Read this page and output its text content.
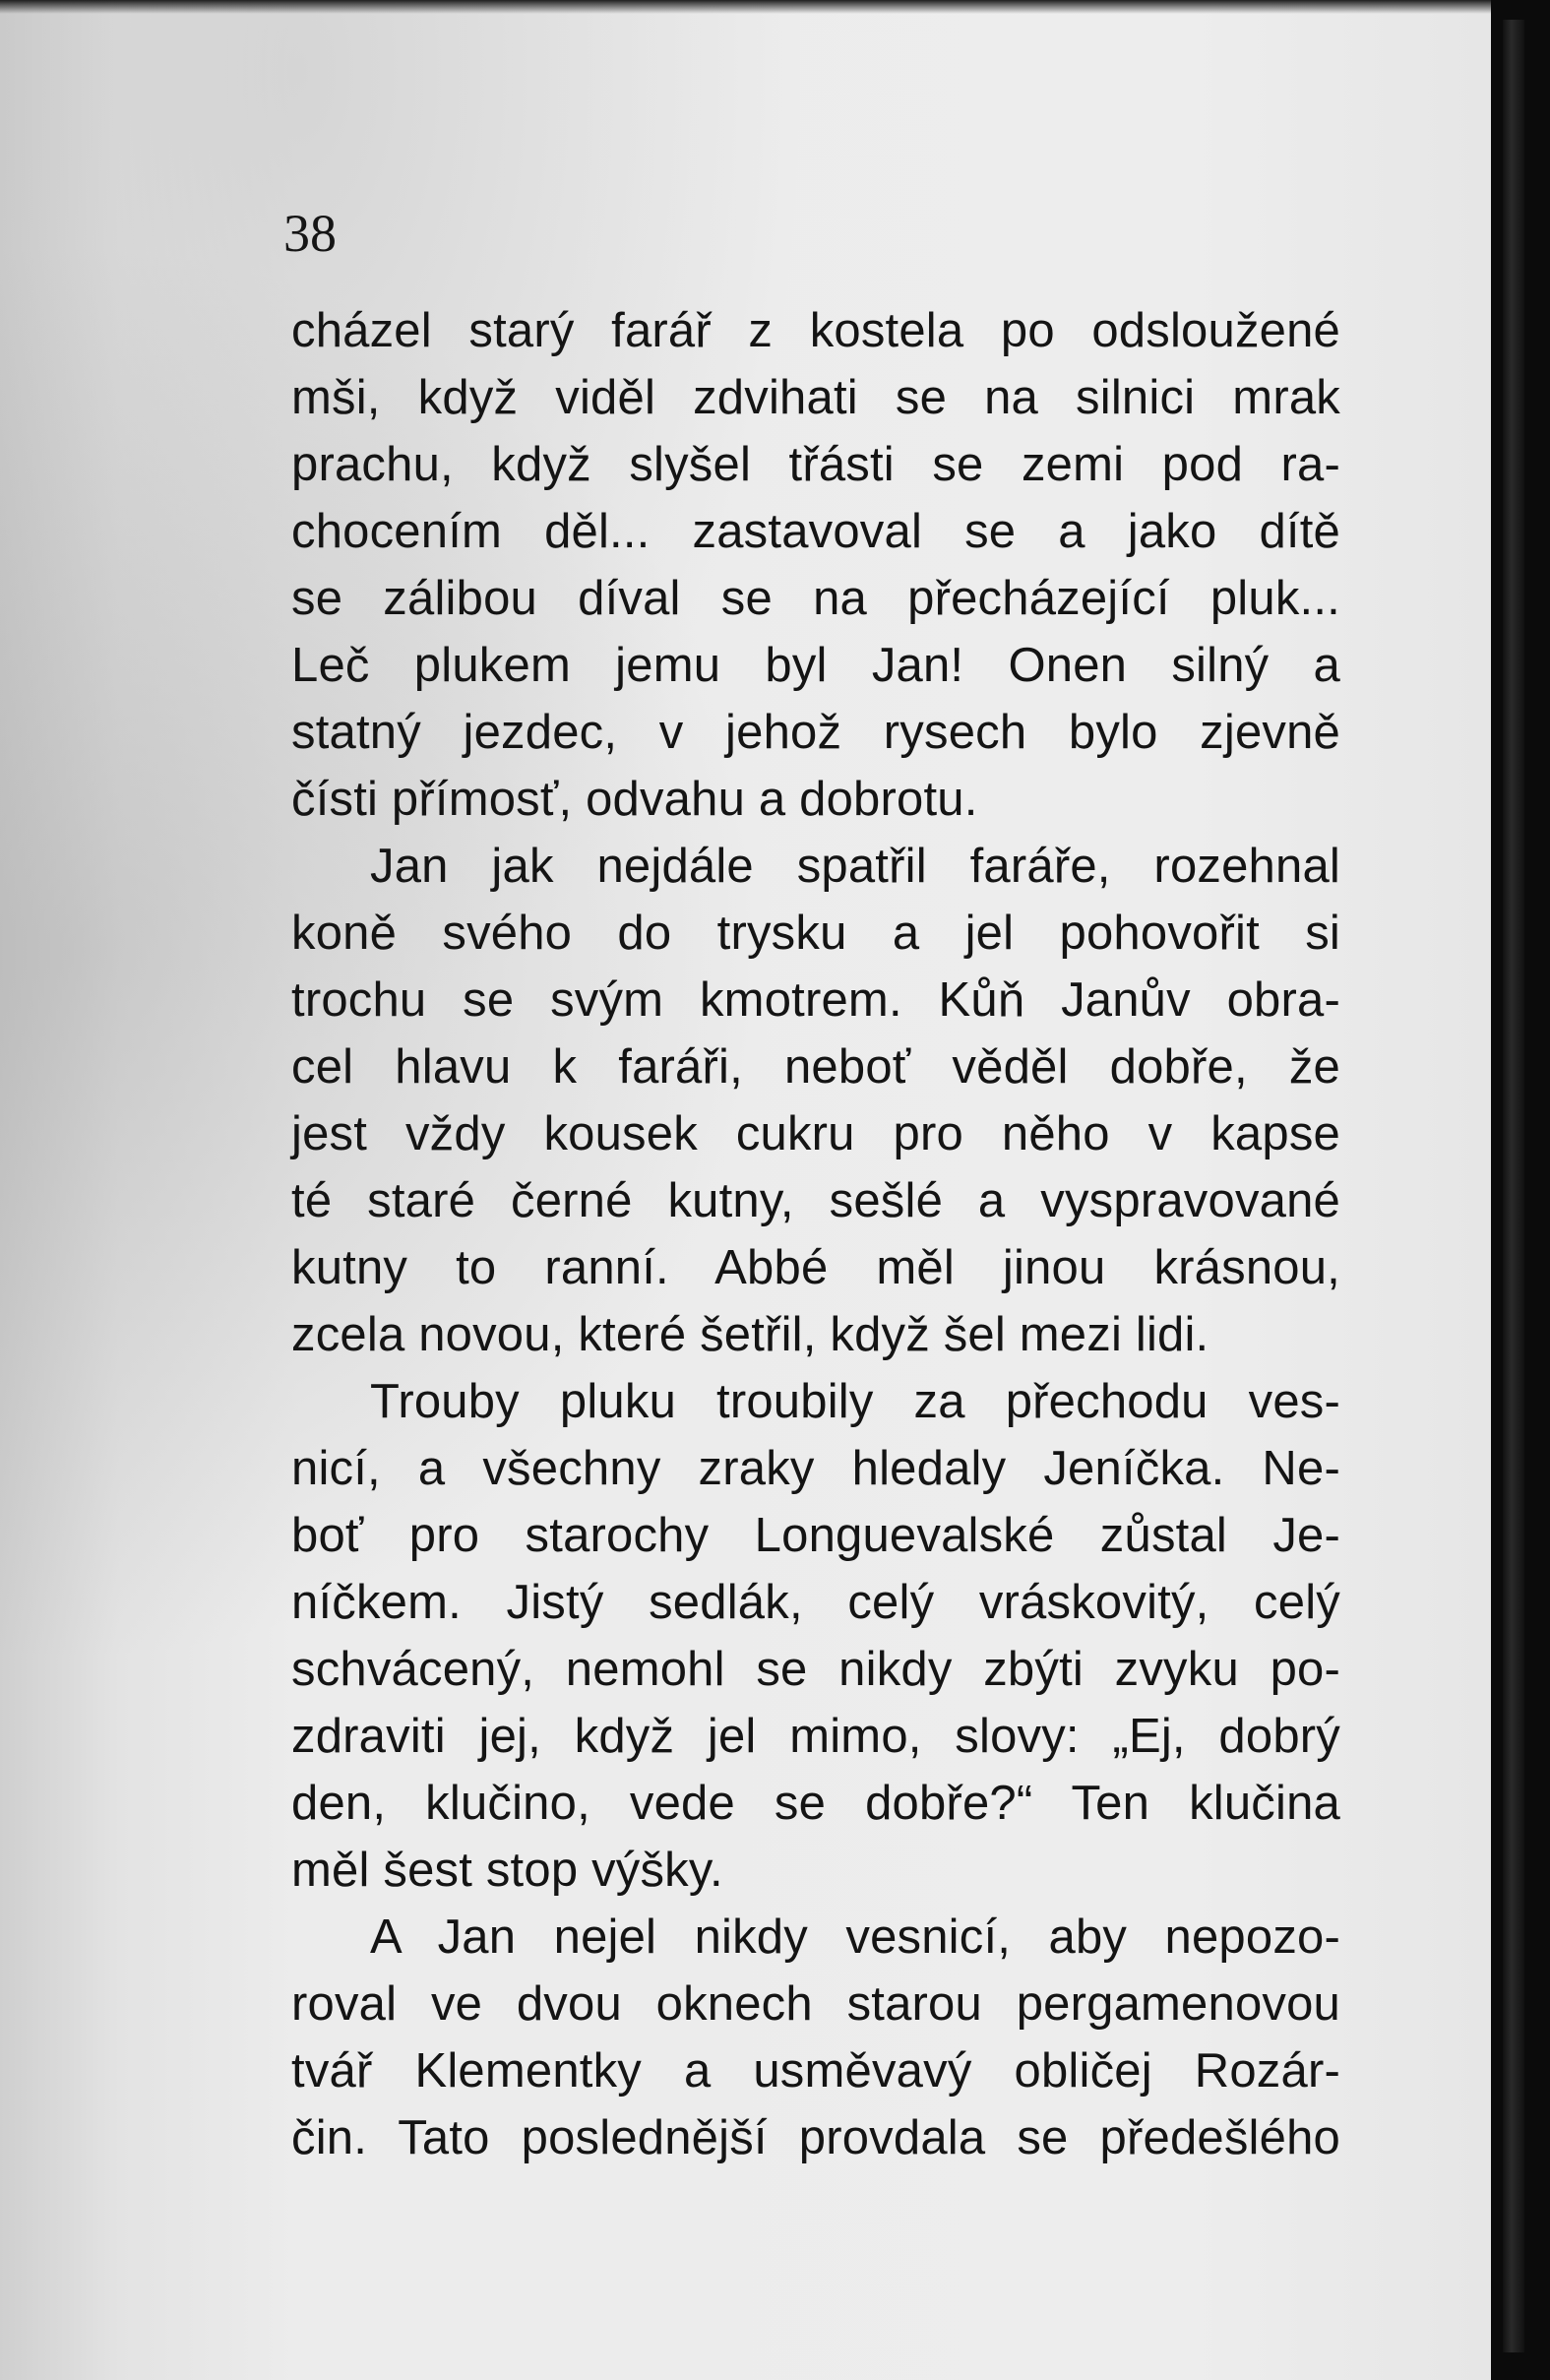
38

cházel starý farář z kostela po odsloužené
mši, když viděl zdvihati se na silnici mrak
prachu, když slyšel třásti se zemi pod ra-
chocením děl... zastavoval se a jako dítě
se zálibou díval se na přecházející pluk...
Leč plukem jemu byl Jan! Onen silný a
statný jezdec, v jehož rysech bylo zjevně
čísti přímosť, odvahu a dobrotu.
Jan jak nejdále spatřil faráře, rozehnal
koně svého do trysku a jel pohovořit si
trochu se svým kmotrem. Kůň Janův obra-
cel hlavu k faráři, neboť věděl dobře, že
jest vždy kousek cukru pro něho v kapse
té staré černé kutny, sešlé a vyspravované
kutny to ranní. Abbé měl jinou krásnou,
zcela novou, které šetřil, když šel mezi lidi.
Trouby pluku troubily za přechodu ves-
nicí, a všechny zraky hledaly Jeníčka. Ne-
boť pro starochy Longuevalské zůstal Je-
níčkem. Jistý sedlák, celý vráskovitý, celý
schvácený, nemohl se nikdy zbýti zvyku po-
zdraviti jej, když jel mimo, slovy: „Ej, dobrý
den, klučino, vede se dobře?“ Ten klučina
měl šest stop výšky.
A Jan nejel nikdy vesnicí, aby nepozo-
roval ve dvou oknech starou pergamenovou
tvář Klementky a usměvavý obličej Rozár-
čin. Tato poslednější provdala se předešlého
